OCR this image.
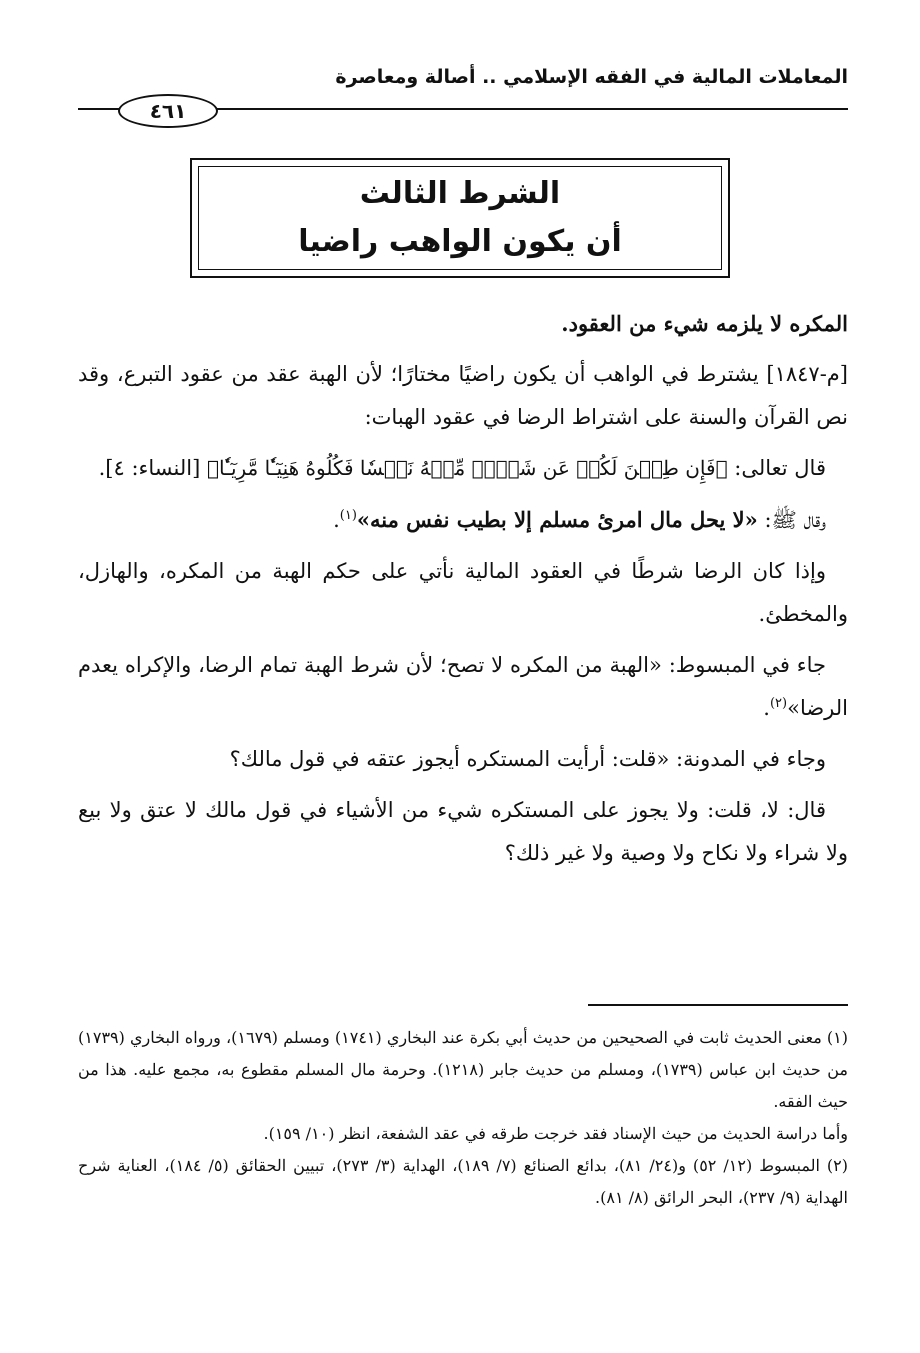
المعاملات المالية في الفقه الإسلامي .. أصالة ومعاصرة
٤٦١
الشرط الثالث
أن يكون الواهب راضيا

المكره لا يلزمه شيء من العقود.

[م-١٨٤٧] يشترط في الواهب أن يكون راضيًا مختارًا؛ لأن الهبة عقد من عقود التبرع، وقد نص القرآن والسنة على اشتراط الرضا في عقود الهبات:

قال تعالى: ﴿فَإِن طِبۡنَ لَكُمۡ عَن شَيۡءٖ مِّنۡهُ نَفۡسٗا فَكُلُوهُ هَنِيٓـٔٗا مَّرِيٓـٔٗا﴾ [النساء: ٤].

وقال ﷺ: «لا يحل مال امرئ مسلم إلا بطيب نفس منه»$^{(١)}$.

وإذا كان الرضا شرطًا في العقود المالية نأتي على حكم الهبة من المكره، والهازل، والمخطئ.

جاء في المبسوط: «الهبة من المكره لا تصح؛ لأن شرط الهبة تمام الرضا، والإكراه يعدم الرضا»$^{(٢)}$.

وجاء في المدونة: «قلت: أرأيت المستكره أيجوز عتقه في قول مالك؟

قال: لا، قلت: ولا يجوز على المستكره شيء من الأشياء في قول مالك لا عتق ولا بيع ولا شراء ولا نكاح ولا وصية ولا غير ذلك؟

(١) معنى الحديث ثابت في الصحيحين من حديث أبي بكرة عند البخاري (١٧٤١) ومسلم (١٦٧٩)، ورواه البخاري (١٧٣٩) من حديث ابن عباس (١٧٣٩)، ومسلم من حديث جابر (١٢١٨). وحرمة مال المسلم مقطوع به، مجمع عليه. هذا من حيث الفقه.

وأما دراسة الحديث من حيث الإسناد فقد خرجت طرقه في عقد الشفعة، انظر (١٠/ ١٥٩).

(٢) المبسوط (١٢/ ٥٢) و(٢٤/ ٨١)، بدائع الصنائع (٧/ ١٨٩)، الهداية (٣/ ٢٧٣)، تبيين الحقائق (٥/ ١٨٤)، العناية شرح الهداية (٩/ ٢٣٧)، البحر الرائق (٨/ ٨١).
